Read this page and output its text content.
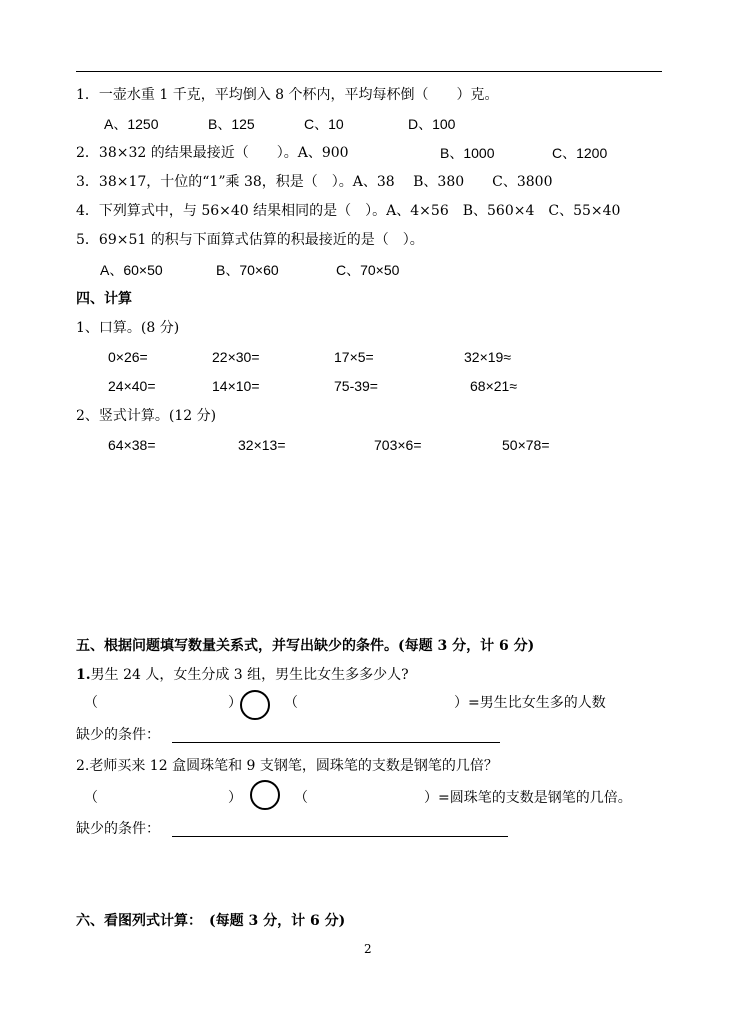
1．一壶水重 1 千克，平均倒入 8 个杯内，平均每杯倒（　　）克。
A、1250	B、125	C、10	D、100
2．38×32 的结果最接近（　　）。A、900	B、1000	C、1200
3．38×17，十位的“1”乘 38，积是（　）。A、38　 B、380　　C、3800
4．下列算式中，与 56×40 结果相同的是（　）。A、4×56　B、560×4　C、55×40
5．69×51 的积与下面算式估算的积最接近的是（　）。
A、60×50	B、70×60	C、70×50
四、计算
1、口算。(8 分)
0×26=	22×30=	17×5=	32×19≈
24×40=	14×10=	75-39=	68×21≈
2、竖式计算。(12 分)
64×38=	32×13=	703×6=	50×78=
五、根据问题填写数量关系式，并写出缺少的条件。(每题 3 分，计 6 分)
1.男生 24 人，女生分成 3 组，男生比女生多多少人?
（	）	（	）=男生比女生多的人数
缺少的条件：
2.老师买来 12 盒圆珠笔和 9 支钢笔，圆珠笔的支数是钢笔的几倍？
（	）	（	）=圆珠笔的支数是钢笔的几倍。
缺少的条件：
六、看图列式计算：　(每题 3 分，计 6 分)
2
